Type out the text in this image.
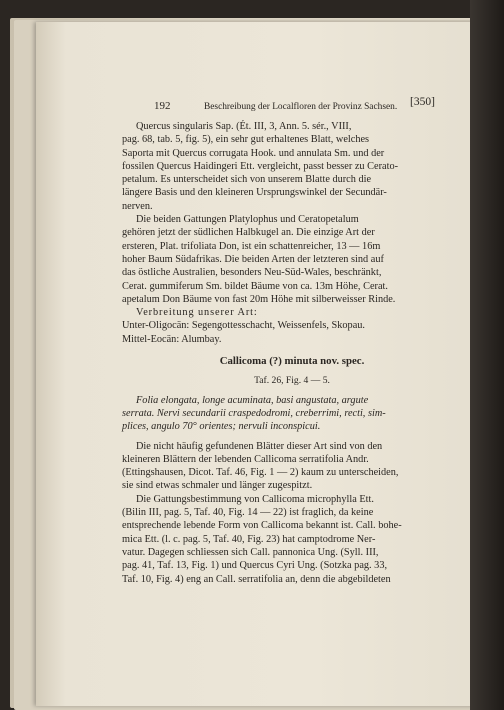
192	Beschreibung der Localfloren der Provinz Sachsen. [350]
Quercus singularis Sap. (Ét. III, 3, Ann. 5. sér., VIII,
pag. 68, tab. 5, fig. 5), ein sehr gut erhaltenes Blatt, welches
Saporta mit Quercus corrugata Hook. und annulata Sm. und der
fossilen Quercus Haidingeri Ett. vergleicht, passt besser zu Cerato-
petalum. Es unterscheidet sich von unserem Blatte durch die
längere Basis und den kleineren Ursprungswinkel der Secundär-
nerven.
Die beiden Gattungen Platylophus und Ceratopetalum
gehören jetzt der südlichen Halbkugel an. Die einzige Art der
ersteren, Plat. trifoliata Don, ist ein schattenreicher, 13 — 16m
hoher Baum Südafrikas. Die beiden Arten der letzteren sind auf
das östliche Australien, besonders Neu-Süd-Wales, beschränkt,
Cerat. gummiferum Sm. bildet Bäume von ca. 13m Höhe, Cerat.
apetalum Don Bäume von fast 20m Höhe mit silberweisser Rinde.
Verbreitung unserer Art:
Unter-Oligocän: Segengottesschacht, Weissenfels, Skopau.
Mittel-Eocän: Alumbay.
Callicoma (?) minuta nov. spec.
Taf. 26, Fig. 4 — 5.
Folia elongata, longe acuminata, basi angustata, argute
serrata. Nervi secundarii craspedodromi, creberrimi, recti, sim-
plices, angulo 70° orientes; nervuli inconspicui.
Die nicht häufig gefundenen Blätter dieser Art sind von den
kleineren Blättern der lebenden Callicoma serratifolia Andr.
(Ettingshausen, Dicot. Taf. 46, Fig. 1 — 2) kaum zu unterscheiden,
sie sind etwas schmaler und länger zugespitzt.
Die Gattungsbestimmung von Callicoma microphylla Ett.
(Bilin III, pag. 5, Taf. 40, Fig. 14 — 22) ist fraglich, da keine
entsprechende lebende Form von Callicoma bekannt ist. Call. bohe-
mica Ett. (l. c. pag. 5, Taf. 40, Fig. 23) hat camptodrome Ner-
vatur. Dagegen schliessen sich Call. pannonica Ung. (Syll. III,
pag. 41, Taf. 13, Fig. 1) und Quercus Cyri Ung. (Sotzka pag. 33,
Taf. 10, Fig. 4) eng an Call. serratifolia an, denn die abgebildeten
